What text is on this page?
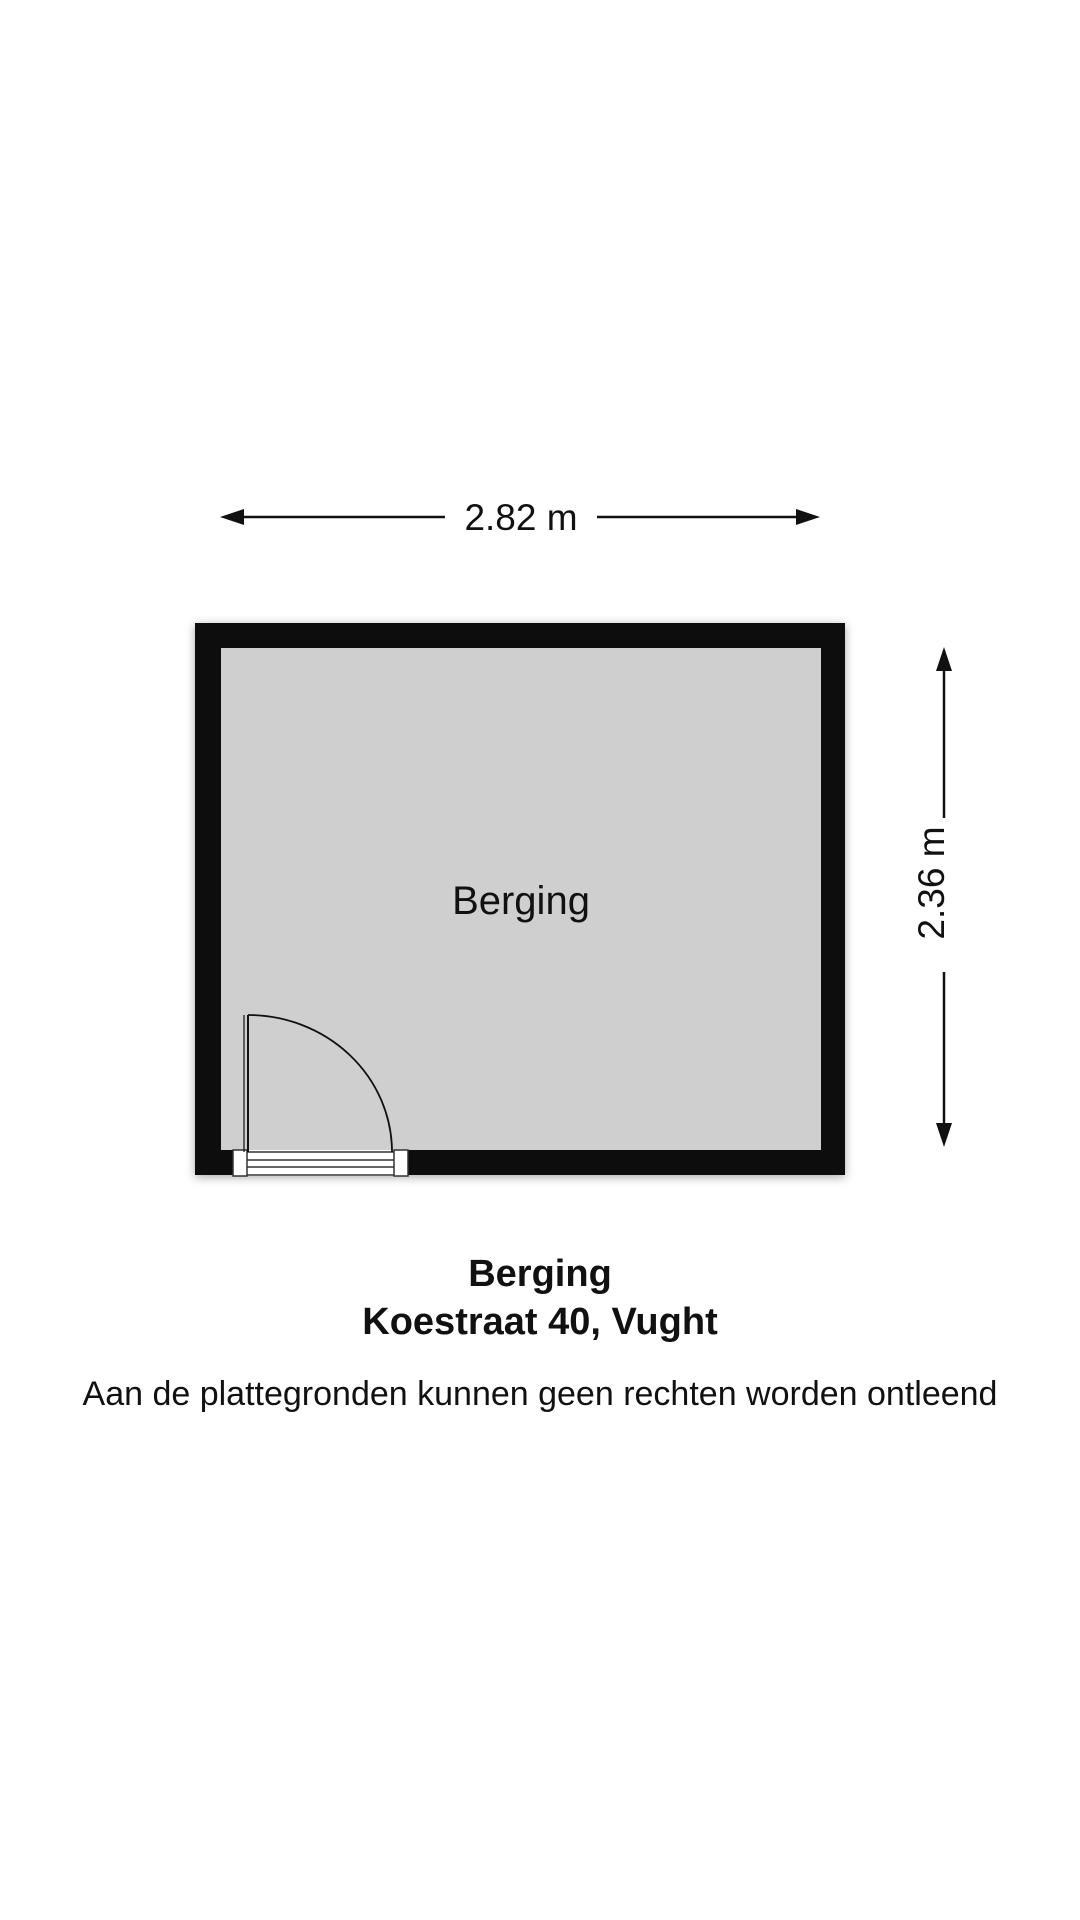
2.82 m
2.36 m
Berging
Berging
Koestraat 40, Vught
Aan de plattegronden kunnen geen rechten worden ontleend
